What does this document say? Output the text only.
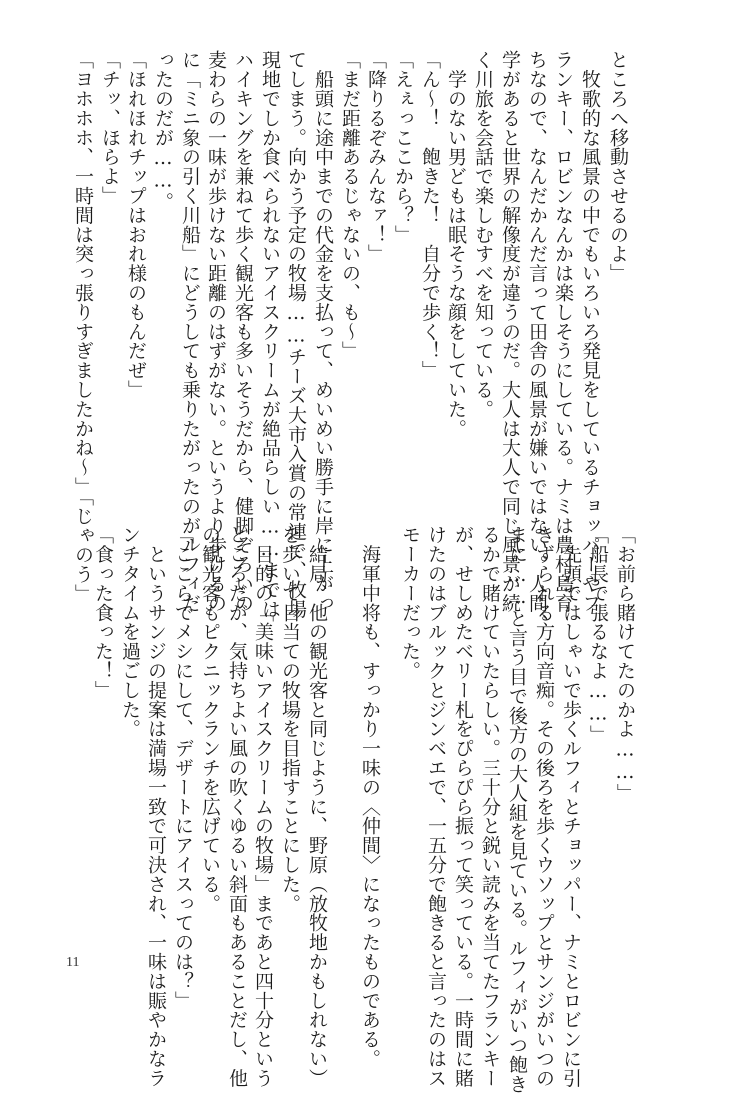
ところへ移動させるのよ」
　牧歌的な風景の中でもいろいろ発見をしているチョッパーやフ
ランキー、ロビンなんかは楽しそうにしている。ナミは農村島育
ちなので、なんだかんだ言って田舎の風景が嫌いではない。人間、
学があると世界の解像度が違うのだ。大人は大人で同じ風景が続
く川旅を会話で楽しむすべを知っている。
　学のない男どもは眠そうな顔をしていた。
「ん～！　飽きた！　自分で歩く！」
「えぇっここから？」
「降りるぞみんなァ！」
「まだ距離あるじゃないの、も～」
　船頭に途中までの代金を支払って、めいめい勝手に岸に上がっ
てしまう。向かう予定の牧場……チーズ大市入賞の常連で、牧場
現地でしか食べられないアイスクリームが絶品らしい……までは
ハイキングを兼ねて歩く観光客も多いそうだから、健脚ぞろいの
麦わらの一味が歩けない距離のはずがない。というより歩けるの
に「ミニ象の引く川船」にどうしても乗りたがったのがルフィだ
ったのだが……。
「ほれほれチップはおれ様のもんだぜ」
「チッ、ほらよ」
「ヨホホホ、一時間は突っ張りすぎましたかね～」「じゃのう」
「お前ら賭けてたのかよ……」
「船長で張るなよ……」
　先頭ではしゃいで歩くルフィとチョッパー、ナミとロビンに引
きずられる方向音痴。その後ろを歩くウソップとサンジがいつの
まに……と言う目で後方の大人組を見ている。ルフィがいつ飽き
るかで賭けていたらしい。三十分と鋭い読みを当てたフランキー
が、せしめたベリー札をぴらぴら振って笑っている。一時間に賭
けたのはブルックとジンベエで、一五分で飽きると言ったのはス
モーカーだった。
　海軍中将も、すっかり一味の〈仲間〉になったものである。
　結局、他の観光客と同じように、野原（放牧地かもしれない）
を歩いて目当ての牧場を目指すことにした。
　目的の「美味いアイスクリームの牧場」まであと四十分という
ところだが、気持ちよい風の吹くゆるい斜面もあることだし、他
の観光客もピクニックランチを広げている。
「ここらでメシにして、デザートにアイスってのは？」
　というサンジの提案は満場一致で可決され、一味は賑やかなラ
ンチタイムを過ごした。
「食った食った！」
11
